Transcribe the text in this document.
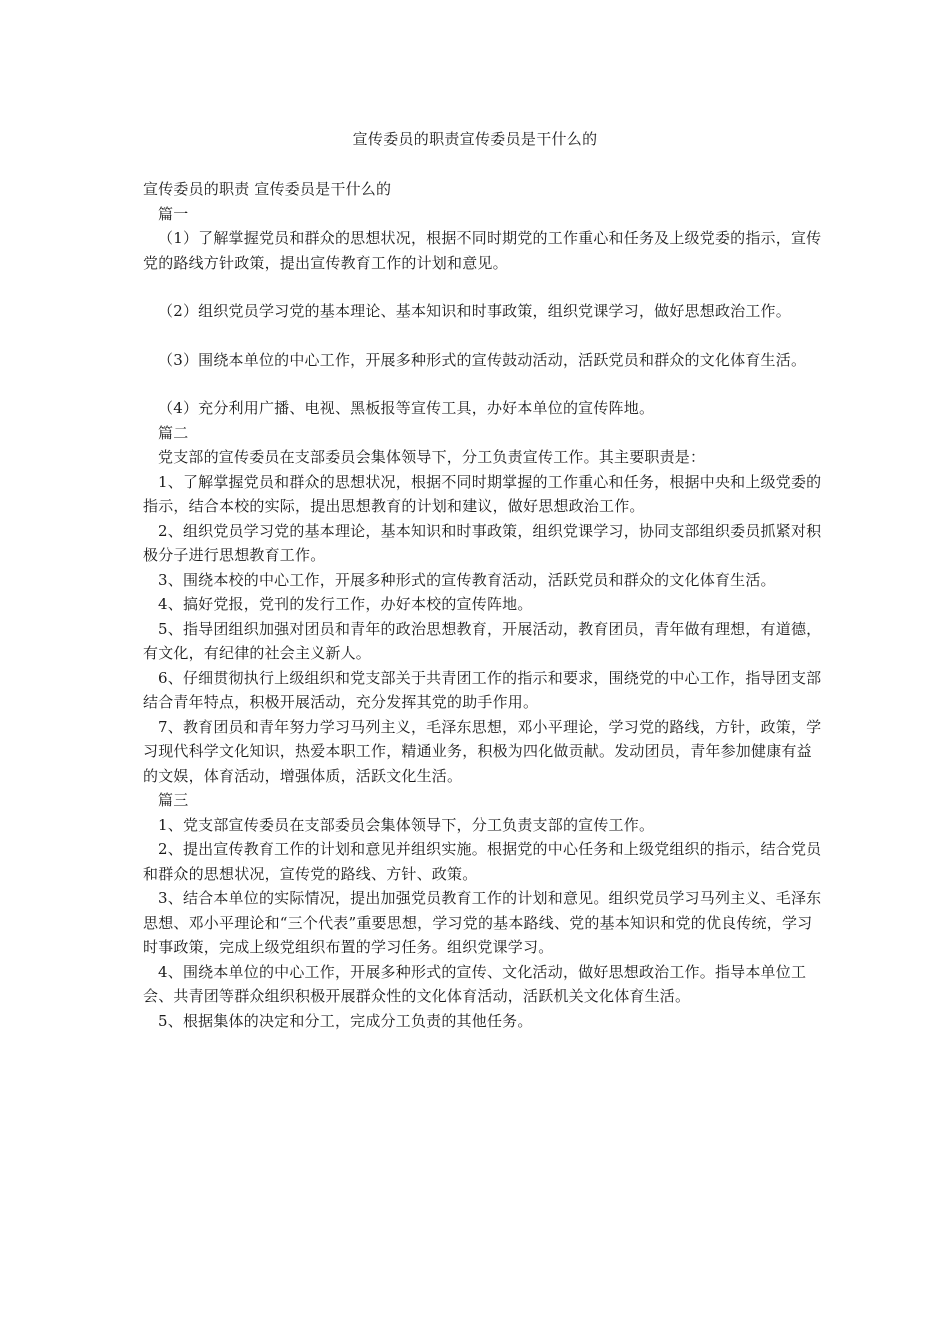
宣传委员的职责宣传委员是干什么的

宣传委员的职责 宣传委员是干什么的

篇一

（1）了解掌握党员和群众的思想状况，根据不同时期党的工作重心和任务及上级党委的指示，宣传党的路线方针政策，提出宣传教育工作的计划和意见。

（2）组织党员学习党的基本理论、基本知识和时事政策，组织党课学习，做好思想政治工作。

（3）围绕本单位的中心工作，开展多种形式的宣传鼓动活动，活跃党员和群众的文化体育生活。

（4）充分利用广播、电视、黑板报等宣传工具，办好本单位的宣传阵地。

篇二

党支部的宣传委员在支部委员会集体领导下，分工负责宣传工作。其主要职责是：

1、了解掌握党员和群众的思想状况，根据不同时期掌握的工作重心和任务，根据中央和上级党委的指示，结合本校的实际，提出思想教育的计划和建议，做好思想政治工作。

2、组织党员学习党的基本理论，基本知识和时事政策，组织党课学习，协同支部组织委员抓紧对积极分子进行思想教育工作。

3、围绕本校的中心工作，开展多种形式的宣传教育活动，活跃党员和群众的文化体育生活。

4、搞好党报，党刊的发行工作，办好本校的宣传阵地。

5、指导团组织加强对团员和青年的政治思想教育，开展活动，教育团员，青年做有理想，有道德，有文化，有纪律的社会主义新人。

6、仔细贯彻执行上级组织和党支部关于共青团工作的指示和要求，围绕党的中心工作，指导团支部结合青年特点，积极开展活动，充分发挥其党的助手作用。

7、教育团员和青年努力学习马列主义，毛泽东思想，邓小平理论，学习党的路线，方针，政策，学习现代科学文化知识，热爱本职工作，精通业务，积极为四化做贡献。发动团员，青年参加健康有益的文娱，体育活动，增强体质，活跃文化生活。

篇三

1、党支部宣传委员在支部委员会集体领导下，分工负责支部的宣传工作。

2、提出宣传教育工作的计划和意见并组织实施。根据党的中心任务和上级党组织的指示，结合党员和群众的思想状况，宣传党的路线、方针、政策。

3、结合本单位的实际情况，提出加强党员教育工作的计划和意见。组织党员学习马列主义、毛泽东思想、邓小平理论和“三个代表”重要思想，学习党的基本路线、党的基本知识和党的优良传统，学习时事政策，完成上级党组织布置的学习任务。组织党课学习。

4、围绕本单位的中心工作，开展多种形式的宣传、文化活动，做好思想政治工作。指导本单位工会、共青团等群众组织积极开展群众性的文化体育活动，活跃机关文化体育生活。

5、根据集体的决定和分工，完成分工负责的其他任务。
